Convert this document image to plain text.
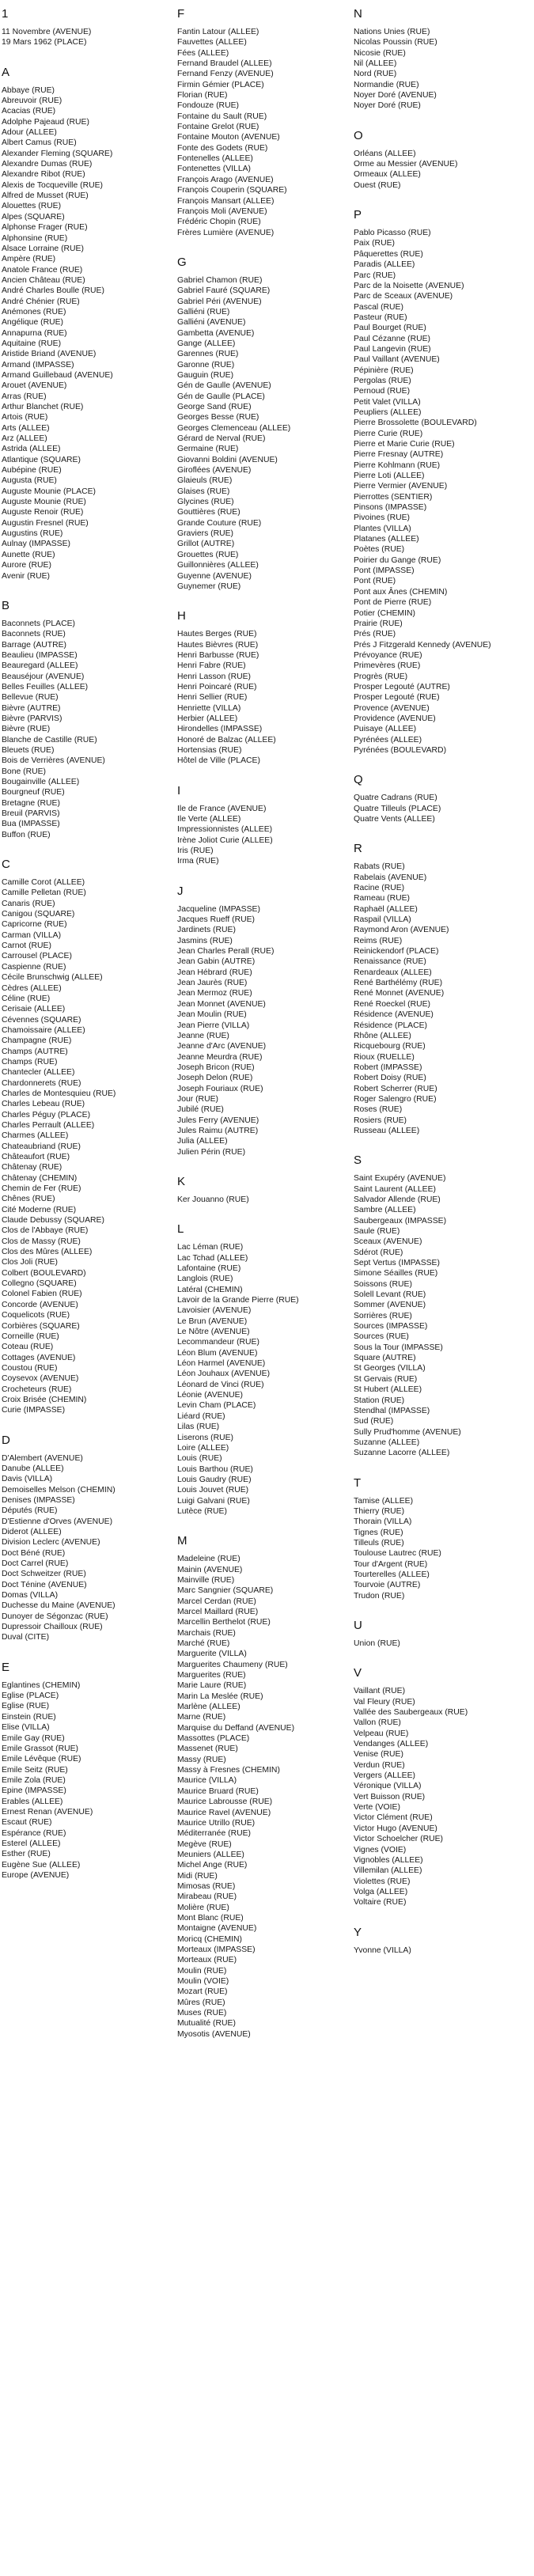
1
11 Novembre (AVENUE)
19 Mars 1962 (PLACE)
A
Abbaye (RUE)
Abreuvoir (RUE)
Acacias (RUE)
Adolphe Pajeaud (RUE)
Adour (ALLEE)
Albert Camus (RUE)
Alexander Fleming (SQUARE)
Alexandre Dumas (RUE)
Alexandre Ribot (RUE)
Alexis de Tocqueville (RUE)
Alfred de Musset (RUE)
Alouettes (RUE)
Alpes (SQUARE)
Alphonse Frager (RUE)
Alphonsine (RUE)
Alsace Lorraine (RUE)
Ampère (RUE)
Anatole France (RUE)
Ancien Château (RUE)
André Charles Boulle (RUE)
André Chénier (RUE)
Anémones (RUE)
Angélique (RUE)
Annapurna (RUE)
Aquitaine (RUE)
Aristide Briand (AVENUE)
Armand (IMPASSE)
Armand Guillebaud (AVENUE)
Arouet (AVENUE)
Arras (RUE)
Arthur Blanchet (RUE)
Artois (RUE)
Arts (ALLEE)
Arz (ALLEE)
Astrida (ALLEE)
Atlantique (SQUARE)
Aubépine (RUE)
Augusta (RUE)
Auguste Mounie (PLACE)
Auguste Mounie (RUE)
Auguste Renoir (RUE)
Augustin Fresnel (RUE)
Augustins (RUE)
Aulnay (IMPASSE)
Aunette (RUE)
Aurore (RUE)
Avenir (RUE)
B
Baconnets (PLACE)
Baconnets (RUE)
Barrage (AUTRE)
Beaulieu (IMPASSE)
Beauregard (ALLEE)
Beauséjour (AVENUE)
Belles Feuilles (ALLEE)
Bellevue (RUE)
Bièvre (AUTRE)
Bièvre (PARVIS)
Bièvre (RUE)
Blanche de Castille (RUE)
Bleuets (RUE)
Bois de Verrières (AVENUE)
Bone (RUE)
Bougainville (ALLEE)
Bourgneuf (RUE)
Bretagne (RUE)
Breuil (PARVIS)
Bua (IMPASSE)
Buffon (RUE)
C
Camille Corot (ALLEE)
Camille Pelletan (RUE)
Canaris (RUE)
Canigou (SQUARE)
Capricorne (RUE)
Carman (VILLA)
Carnot (RUE)
Carrousel (PLACE)
Caspienne (RUE)
Cécile Brunschwig (ALLEE)
Cèdres (ALLEE)
Céline (RUE)
Cerisaie (ALLEE)
Cévennes (SQUARE)
Chamoissaire (ALLEE)
Champagne (RUE)
Champs (AUTRE)
Champs (RUE)
Chantecler (ALLEE)
Chardonnerets (RUE)
Charles de Montesquieu (RUE)
Charles Lebeau (RUE)
Charles Péguy (PLACE)
Charles Perrault (ALLEE)
Charmes (ALLEE)
Chateaubriand (RUE)
Châteaufort (RUE)
Châtenay (RUE)
Châtenay (CHEMIN)
Chemin de Fer (RUE)
Chênes (RUE)
Cité Moderne (RUE)
Claude Debussy (SQUARE)
Clos de l'Abbaye (RUE)
Clos de Massy (RUE)
Clos des Mûres (ALLEE)
Clos Joli (RUE)
Colbert (BOULEVARD)
Collegno (SQUARE)
Colonel Fabien (RUE)
Concorde (AVENUE)
Coquelicots (RUE)
Corbières (SQUARE)
Corneille (RUE)
Coteau (RUE)
Cottages (AVENUE)
Coustou (RUE)
Coysevox (AVENUE)
Crocheteurs (RUE)
Croix Brisée (CHEMIN)
Curie (IMPASSE)
D
D'Alembert (AVENUE)
Danube (ALLEE)
Davis (VILLA)
Demoiselles Melson (CHEMIN)
Denises (IMPASSE)
Députés (RUE)
D'Estienne d'Orves (AVENUE)
Diderot (ALLEE)
Division Leclerc (AVENUE)
Doct Béné (RUE)
Doct Carrel (RUE)
Doct Schweitzer (RUE)
Doct Ténine (AVENUE)
Domas (VILLA)
Duchesse du Maine (AVENUE)
Dunoyer de Ségonzac (RUE)
Dupressoir Chailloux (RUE)
Duval (CITE)
E
Eglantines (CHEMIN)
Eglise (PLACE)
Eglise (RUE)
Einstein (RUE)
Elise (VILLA)
Emile Gay (RUE)
Emile Grassot (RUE)
Emile Lévêque (RUE)
Emile Seitz (RUE)
Emile Zola (RUE)
Epine (IMPASSE)
Erables (ALLEE)
Ernest Renan (AVENUE)
Escaut (RUE)
Espérance (RUE)
Esterel (ALLEE)
Esther (RUE)
Eugène Sue (ALLEE)
Europe (AVENUE)
F
Fantin Latour (ALLEE)
Fauvettes (ALLEE)
Fées (ALLEE)
Fernand Braudel (ALLEE)
Fernand Fenzy (AVENUE)
Firmin Gémier (PLACE)
Florian (RUE)
Fondouze (RUE)
Fontaine du Sault (RUE)
Fontaine Grelot (RUE)
Fontaine Mouton (AVENUE)
Fonte des Godets (RUE)
Fontenelles (ALLEE)
Fontenettes (VILLA)
François Arago (AVENUE)
François Couperin (SQUARE)
François Mansart (ALLEE)
François Moli (AVENUE)
Frédéric Chopin (RUE)
Frères Lumière (AVENUE)
G
Gabriel Chamon (RUE)
Gabriel Fauré (SQUARE)
Gabriel Péri (AVENUE)
Galliéni (RUE)
Galliéni (AVENUE)
Gambetta (AVENUE)
Gange (ALLEE)
Garennes (RUE)
Garonne (RUE)
Gauguin (RUE)
Gén de Gaulle (AVENUE)
Gén de Gaulle (PLACE)
George Sand (RUE)
Georges Besse (RUE)
Georges Clemenceau (ALLEE)
Gérard de Nerval (RUE)
Germaine (RUE)
Giovanni Boldini (AVENUE)
Giroflées (AVENUE)
Glaieuls (RUE)
Glaises (RUE)
Glycines (RUE)
Gouttières (RUE)
Grande Couture (RUE)
Graviers (RUE)
Grillot (AUTRE)
Grouettes (RUE)
Guillonnières (ALLEE)
Guyenne (AVENUE)
Guynemer (RUE)
H
Hautes Berges (RUE)
Hautes Bièvres (RUE)
Henri Barbusse (RUE)
Henri Fabre (RUE)
Henri Lasson (RUE)
Henri Poincaré (RUE)
Henri Sellier (RUE)
Henriette (VILLA)
Herbier (ALLEE)
Hirondelles (IMPASSE)
Honoré de Balzac (ALLEE)
Hortensias (RUE)
Hôtel de Ville (PLACE)
I
Ile de France (AVENUE)
Ile Verte (ALLEE)
Impressionnistes (ALLEE)
Irène Joliot Curie (ALLEE)
Iris (RUE)
Irma (RUE)
J
Jacqueline (IMPASSE)
Jacques Rueff (RUE)
Jardinets (RUE)
Jasmins (RUE)
Jean Charles Perall (RUE)
Jean Gabin (AUTRE)
Jean Hébrard (RUE)
Jean Jaurès (RUE)
Jean Mermoz (RUE)
Jean Monnet (AVENUE)
Jean Moulin (RUE)
Jean Pierre (VILLA)
Jeanne (RUE)
Jeanne d'Arc (AVENUE)
Jeanne Meurdra (RUE)
Joseph Bricon (RUE)
Joseph Delon (RUE)
Joseph Fouriaux (RUE)
Jour (RUE)
Jubilé (RUE)
Jules Ferry (AVENUE)
Jules Raimu (AUTRE)
Julia (ALLEE)
Julien Périn (RUE)
K
Ker Jouanno (RUE)
L
Lac Léman (RUE)
Lac Tchad (ALLEE)
Lafontaine (RUE)
Langlois (RUE)
Latéral (CHEMIN)
Lavoir de la Grande Pierre (RUE)
Lavoisier (AVENUE)
Le Brun (AVENUE)
Le Nôtre (AVENUE)
Lecommandeur (RUE)
Léon Blum (AVENUE)
Léon Harmel (AVENUE)
Léon Jouhaux (AVENUE)
Léonard de Vinci (RUE)
Léonie (AVENUE)
Levin Cham (PLACE)
Liéard (RUE)
Lilas (RUE)
Liserons (RUE)
Loire (ALLEE)
Louis (RUE)
Louis Barthou (RUE)
Louis Gaudry (RUE)
Louis Jouvet (RUE)
Luigi Galvani (RUE)
Lutèce (RUE)
M
Madeleine (RUE)
Mainin (AVENUE)
Mainville (RUE)
Marc Sangnier (SQUARE)
Marcel Cerdan (RUE)
Marcel Maillard (RUE)
Marcellin Berthelot (RUE)
Marchais (RUE)
Marché (RUE)
Marguerite (VILLA)
Marguerites Chaumeny (RUE)
Marguerites (RUE)
Marie Laure (RUE)
Marin La Meslée (RUE)
Marlène (ALLEE)
Marne (RUE)
Marquise du Deffand (AVENUE)
Massottes (PLACE)
Massenet (RUE)
Massy (RUE)
Massy à Fresnes (CHEMIN)
Maurice (VILLA)
Maurice Bruard (RUE)
Maurice Labrousse (RUE)
Maurice Ravel (AVENUE)
Maurice Utrillo (RUE)
Méditerranée (RUE)
Megève (RUE)
Meuniers (ALLEE)
Michel Ange (RUE)
Midi (RUE)
Mimosas (RUE)
Mirabeau (RUE)
Molière (RUE)
Mont Blanc (RUE)
Montaigne (AVENUE)
Moricq (CHEMIN)
Morteaux (IMPASSE)
Morteaux (RUE)
Moulin (RUE)
Moulin (VOIE)
Mozart (RUE)
Mûres (RUE)
Muses (RUE)
Mutualité (RUE)
Myosotis (AVENUE)
N
Nations Unies (RUE)
Nicolas Poussin (RUE)
Nicosie (RUE)
Nil (ALLEE)
Nord (RUE)
Normandie (RUE)
Noyer Doré (AVENUE)
Noyer Doré (RUE)
O
Orléans (ALLEE)
Orme au Messier (AVENUE)
Ormeaux (ALLEE)
Ouest (RUE)
P
Pablo Picasso (RUE)
Paix (RUE)
Pâquerettes (RUE)
Paradis (ALLEE)
Parc (RUE)
Parc de la Noisette (AVENUE)
Parc de Sceaux (AVENUE)
Pascal (RUE)
Pasteur (RUE)
Paul Bourget (RUE)
Paul Cézanne (RUE)
Paul Langevin (RUE)
Paul Vaillant (AVENUE)
Pépinière (RUE)
Pergolas (RUE)
Pernoud (RUE)
Petit Valet (VILLA)
Peupliers (ALLEE)
Pierre Brossolette (BOULEVARD)
Pierre Curie (RUE)
Pierre et Marie Curie (RUE)
Pierre Fresnay (AUTRE)
Pierre Kohlmann (RUE)
Pierre Loti (ALLEE)
Pierre Vermier (AVENUE)
Pierrottes (SENTIER)
Pinsons (IMPASSE)
Pivoines (RUE)
Plantes (VILLA)
Platanes (ALLEE)
Poètes (RUE)
Poirier du Gange (RUE)
Pont (IMPASSE)
Pont (RUE)
Pont aux Ânes (CHEMIN)
Pont de Pierre (RUE)
Potier (CHEMIN)
Prairie (RUE)
Prés (RUE)
Prés J Fitzgerald Kennedy (AVENUE)
Prévoyance (RUE)
Primevères (RUE)
Progrès (RUE)
Prosper Legouté (AUTRE)
Prosper Legouté (RUE)
Provence (AVENUE)
Providence (AVENUE)
Puisaye (ALLEE)
Pyrénées (ALLEE)
Pyrénées (BOULEVARD)
Q
Quatre Cadrans (RUE)
Quatre Tilleuls (PLACE)
Quatre Vents (ALLEE)
R
Rabats (RUE)
Rabelais (AVENUE)
Racine (RUE)
Rameau (RUE)
Raphaël (ALLEE)
Raspail (VILLA)
Raymond Aron (AVENUE)
Reims (RUE)
Reinickendorf (PLACE)
Renaissance (RUE)
Renardeaux (ALLEE)
René Barthélémy (RUE)
René Monnet (AVENUE)
René Roeckel (RUE)
Résidence (AVENUE)
Résidence (PLACE)
Rhône (ALLEE)
Ricquebourg (RUE)
Rioux (RUELLE)
Robert (IMPASSE)
Robert Doisy (RUE)
Robert Scherrer (RUE)
Roger Salengro (RUE)
Roses (RUE)
Rosiers (RUE)
Russeau (ALLEE)
S
Saint Exupéry (AVENUE)
Saint Laurent (ALLEE)
Salvador Allende (RUE)
Sambre (ALLEE)
Saubergeaux (IMPASSE)
Saule (RUE)
Sceaux (AVENUE)
Sdérot (RUE)
Sept Vertus (IMPASSE)
Simone Séailles (RUE)
Soissons (RUE)
Solell Levant (RUE)
Sommer (AVENUE)
Sorrières (RUE)
Sources (IMPASSE)
Sources (RUE)
Sous la Tour (IMPASSE)
Square (AUTRE)
St Georges (VILLA)
St Gervais (RUE)
St Hubert (ALLEE)
Station (RUE)
Stendhal (IMPASSE)
Sud (RUE)
Sully Prud'homme (AVENUE)
Suzanne (ALLEE)
Suzanne Lacorre (ALLEE)
T
Tamise (ALLEE)
Thierry (RUE)
Thorain (VILLA)
Tignes (RUE)
Tilleuls (RUE)
Toulouse Lautrec (RUE)
Tour d'Argent (RUE)
Tourterelles (ALLEE)
Tourvoie (AUTRE)
Trudon (RUE)
U
Union (RUE)
V
Vaillant (RUE)
Val Fleury (RUE)
Vallée des Saubergeaux (RUE)
Vallon (RUE)
Velpeau (RUE)
Vendanges (ALLEE)
Venise (RUE)
Verdun (RUE)
Vergers (ALLEE)
Véronique (VILLA)
Vert Buisson (RUE)
Verte (VOIE)
Victor Clément (RUE)
Victor Hugo (AVENUE)
Victor Schoelcher (RUE)
Vignes (VOIE)
Vignobles (ALLEE)
Villemilan (ALLEE)
Violettes (RUE)
Volga (ALLEE)
Voltaire (RUE)
Y
Yvonne (VILLA)
